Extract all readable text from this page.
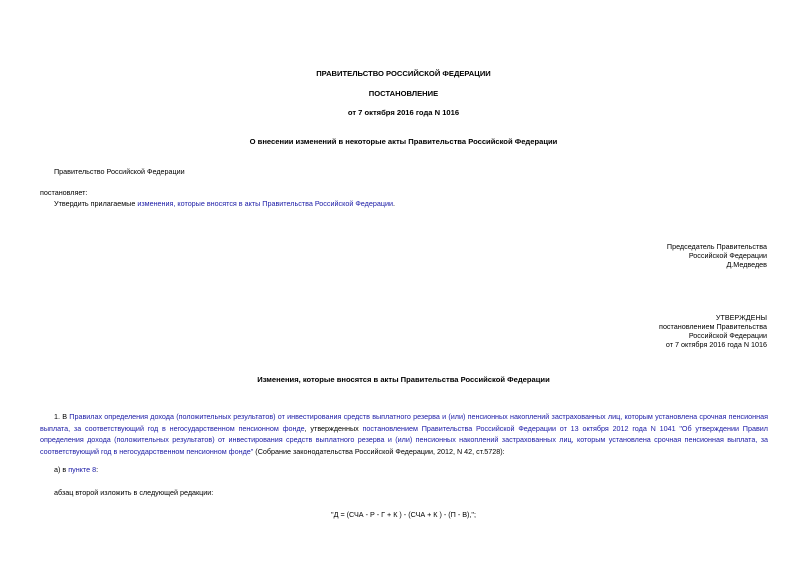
ПРАВИТЕЛЬСТВО РОССИЙСКОЙ ФЕДЕРАЦИИ
ПОСТАНОВЛЕНИЕ
от 7 октября 2016 года N 1016
О внесении изменений в некоторые акты Правительства Российской Федерации
Правительство Российской Федерации
постановляет:
Утвердить прилагаемые изменения, которые вносятся в акты Правительства Российской Федерации.
Председатель Правительства
Российской Федерации
Д.Медведев
УТВЕРЖДЕНЫ
постановлением Правительства
Российской Федерации
от 7 октября 2016 года N 1016
Изменения, которые вносятся в акты Правительства Российской Федерации
1. В Правилах определения дохода (положительных результатов) от инвестирования средств выплатного резерва и (или) пенсионных накоплений застрахованных лиц, которым установлена срочная пенсионная выплата, за соответствующий год в негосударственном пенсионном фонде, утвержденных постановлением Правительства Российской Федерации от 13 октября 2012 года N 1041 "Об утверждении Правил определения дохода (положительных результатов) от инвестирования средств выплатного резерва и (или) пенсионных накоплений застрахованных лиц, которым установлена срочная пенсионная выплата, за соответствующий год в негосударственном пенсионном фонде" (Собрание законодательства Российской Федерации, 2012, N 42, ст.5728):
а) в пункте 8:
абзац второй изложить в следующей редакции:
"Д = (СЧА - Р - Г + К ) - (СЧА + К ) - (П - В),";
